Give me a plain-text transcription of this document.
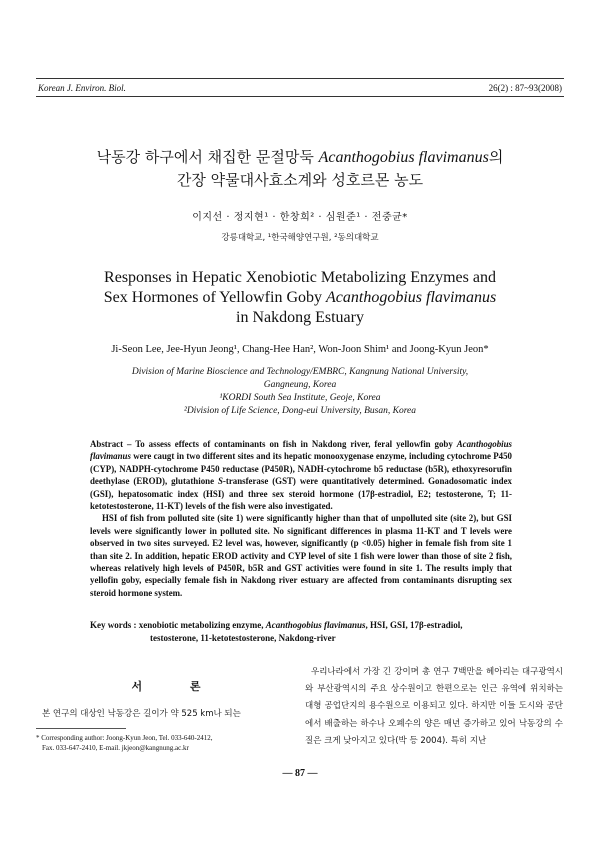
Korean J. Environ. Biol.	26(2) : 87~93(2008)
낙동강 하구에서 채집한 문절망둑 Acanthogobius flavimanus의
간장 약물대사효소계와 성호르몬 농도
이지선 · 정지현¹ · 한창희² · 심원준¹ · 전중균*
강릉대학교, ¹한국해양연구원, ²동의대학교
Responses in Hepatic Xenobiotic Metabolizing Enzymes and
Sex Hormones of Yellowfin Goby Acanthogobius flavimanus
in Nakdong Estuary
Ji-Seon Lee, Jee-Hyun Jeong¹, Chang-Hee Han², Won-Joon Shim¹ and Joong-Kyun Jeon*
Division of Marine Bioscience and Technology/EMBRC, Kangnung National University,
Gangneung, Korea
¹KORDI South Sea Institute, Geoje, Korea
²Division of Life Science, Dong-eui University, Busan, Korea

Abstract – To assess effects of contaminants on fish in Nakdong river, feral yellowfin goby Acanthogobius flavimanus were caugt in two different sites and its hepatic monooxygenase enzyme, including cytochrome P450 (CYP), NADPH-cytochrome P450 reductase (P450R), NADH-cytochrome b5 reductase (b5R), ethoxyresorufin deethylase (EROD), glutathione S-transferase (GST) were quantitatively determined. Gonadosomatic index (GSI), hepatosomatic index (HSI) and three sex steroid hormone (17β-estradiol, E2; testosterone, T; 11-ketotestosterone, 11-KT) levels of the fish were also investigated.

HSI of fish from polluted site (site 1) were significantly higher than that of unpolluted site (site 2), but GSI levels were significantly lower in polluted site. No significant differences in plasma 11-KT and T levels were observed in two sites surveyed. E2 level was, however, significantly (p <0.05) higher in female fish from site 1 than site 2. In addition, hepatic EROD activity and CYP level of site 1 fish were lower than those of site 2 fish, whereas relatively high levels of P450R, b5R and GST activities were found in site 1. The results imply that yellofin goby, especially female fish in Nakdong river estuary are affected from contaminants disrupting sex steroid hormone system.

Key words : xenobiotic metabolizing enzyme, Acanthogobius flavimanus, HSI, GSI, 17β-estradiol,
testosterone, 11-ketotestosterone, Nakdong-river
서 론
본 연구의 대상인 낙동강은 길이가 약 525 km나 되는
* Corresponding author: Joong-Kyun Jeon, Tel. 033-640-2412,
Fax. 033-647-2410, E-mail. jkjeon@kangnung.ac.kr

우리나라에서 가장 긴 강이며 총 연구 7백만을 헤아리는 대구광역시와 부산광역시의 주요 상수원이고 한편으로는 인근 유역에 위치하는 대형 공업단지의 용수원으로 이용되고 있다. 하지만 이들 도시와 공단에서 배출하는 하수나 오폐수의 양은 매년 증가하고 있어 낙동강의 수질은 크게 낮아지고 있다(박 등 2004). 특히 지난

— 87 —
